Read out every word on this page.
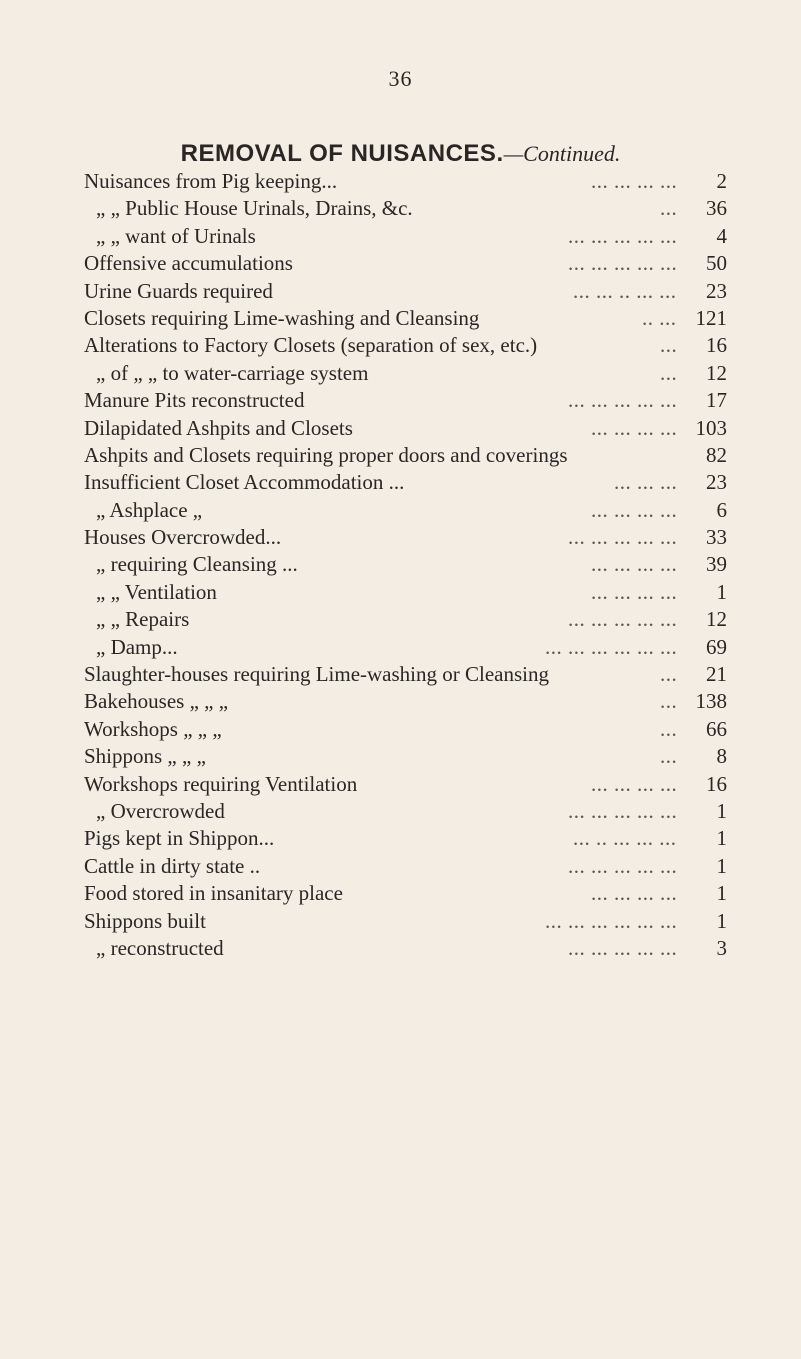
36
REMOVAL OF NUISANCES.—Continued.
Nuisances from Pig keeping...	2
... ... ... ...
„ „ Public House Urinals, Drains, &c.	36
...
„ „ want of Urinals	4
... ... ... ... ...
Offensive accumulations	50
... ... ... ... ...
Urine Guards required	23
... ... .. ... ...
Closets requiring Lime-washing and Cleansing	121
.. ...
Alterations to Factory Closets (separation of sex, etc.)	16
...
„ of „ „ to water-carriage system	12
...
Manure Pits reconstructed	17
... ... ... ... ...
Dilapidated Ashpits and Closets	103
... ... ... ...
Ashpits and Closets requiring proper doors and coverings	82
Insufficient Closet Accommodation ...	23
... ... ...
„ Ashplace „	6
... ... ... ...
Houses Overcrowded...	33
... ... ... ... ...
„ requiring Cleansing ...	39
... ... ... ...
„ „ Ventilation	1
... ... ... ...
„ „ Repairs	12
... ... ... ... ...
„ Damp...	69
... ... ... ... ... ...
Slaughter-houses requiring Lime-washing or Cleansing	21
...
Bakehouses „ „ „	138
...
Workshops „ „ „	66
...
Shippons „ „ „	8
...
Workshops requiring Ventilation	16
... ... ... ...
„ Overcrowded	1
... ... ... ... ...
Pigs kept in Shippon...	1
... .. ... ... ...
Cattle in dirty state ..	1
... ... ... ... ...
Food stored in insanitary place	1
... ... ... ...
Shippons built	1
... ... ... ... ... ...
„ reconstructed	3
... ... ... ... ...
